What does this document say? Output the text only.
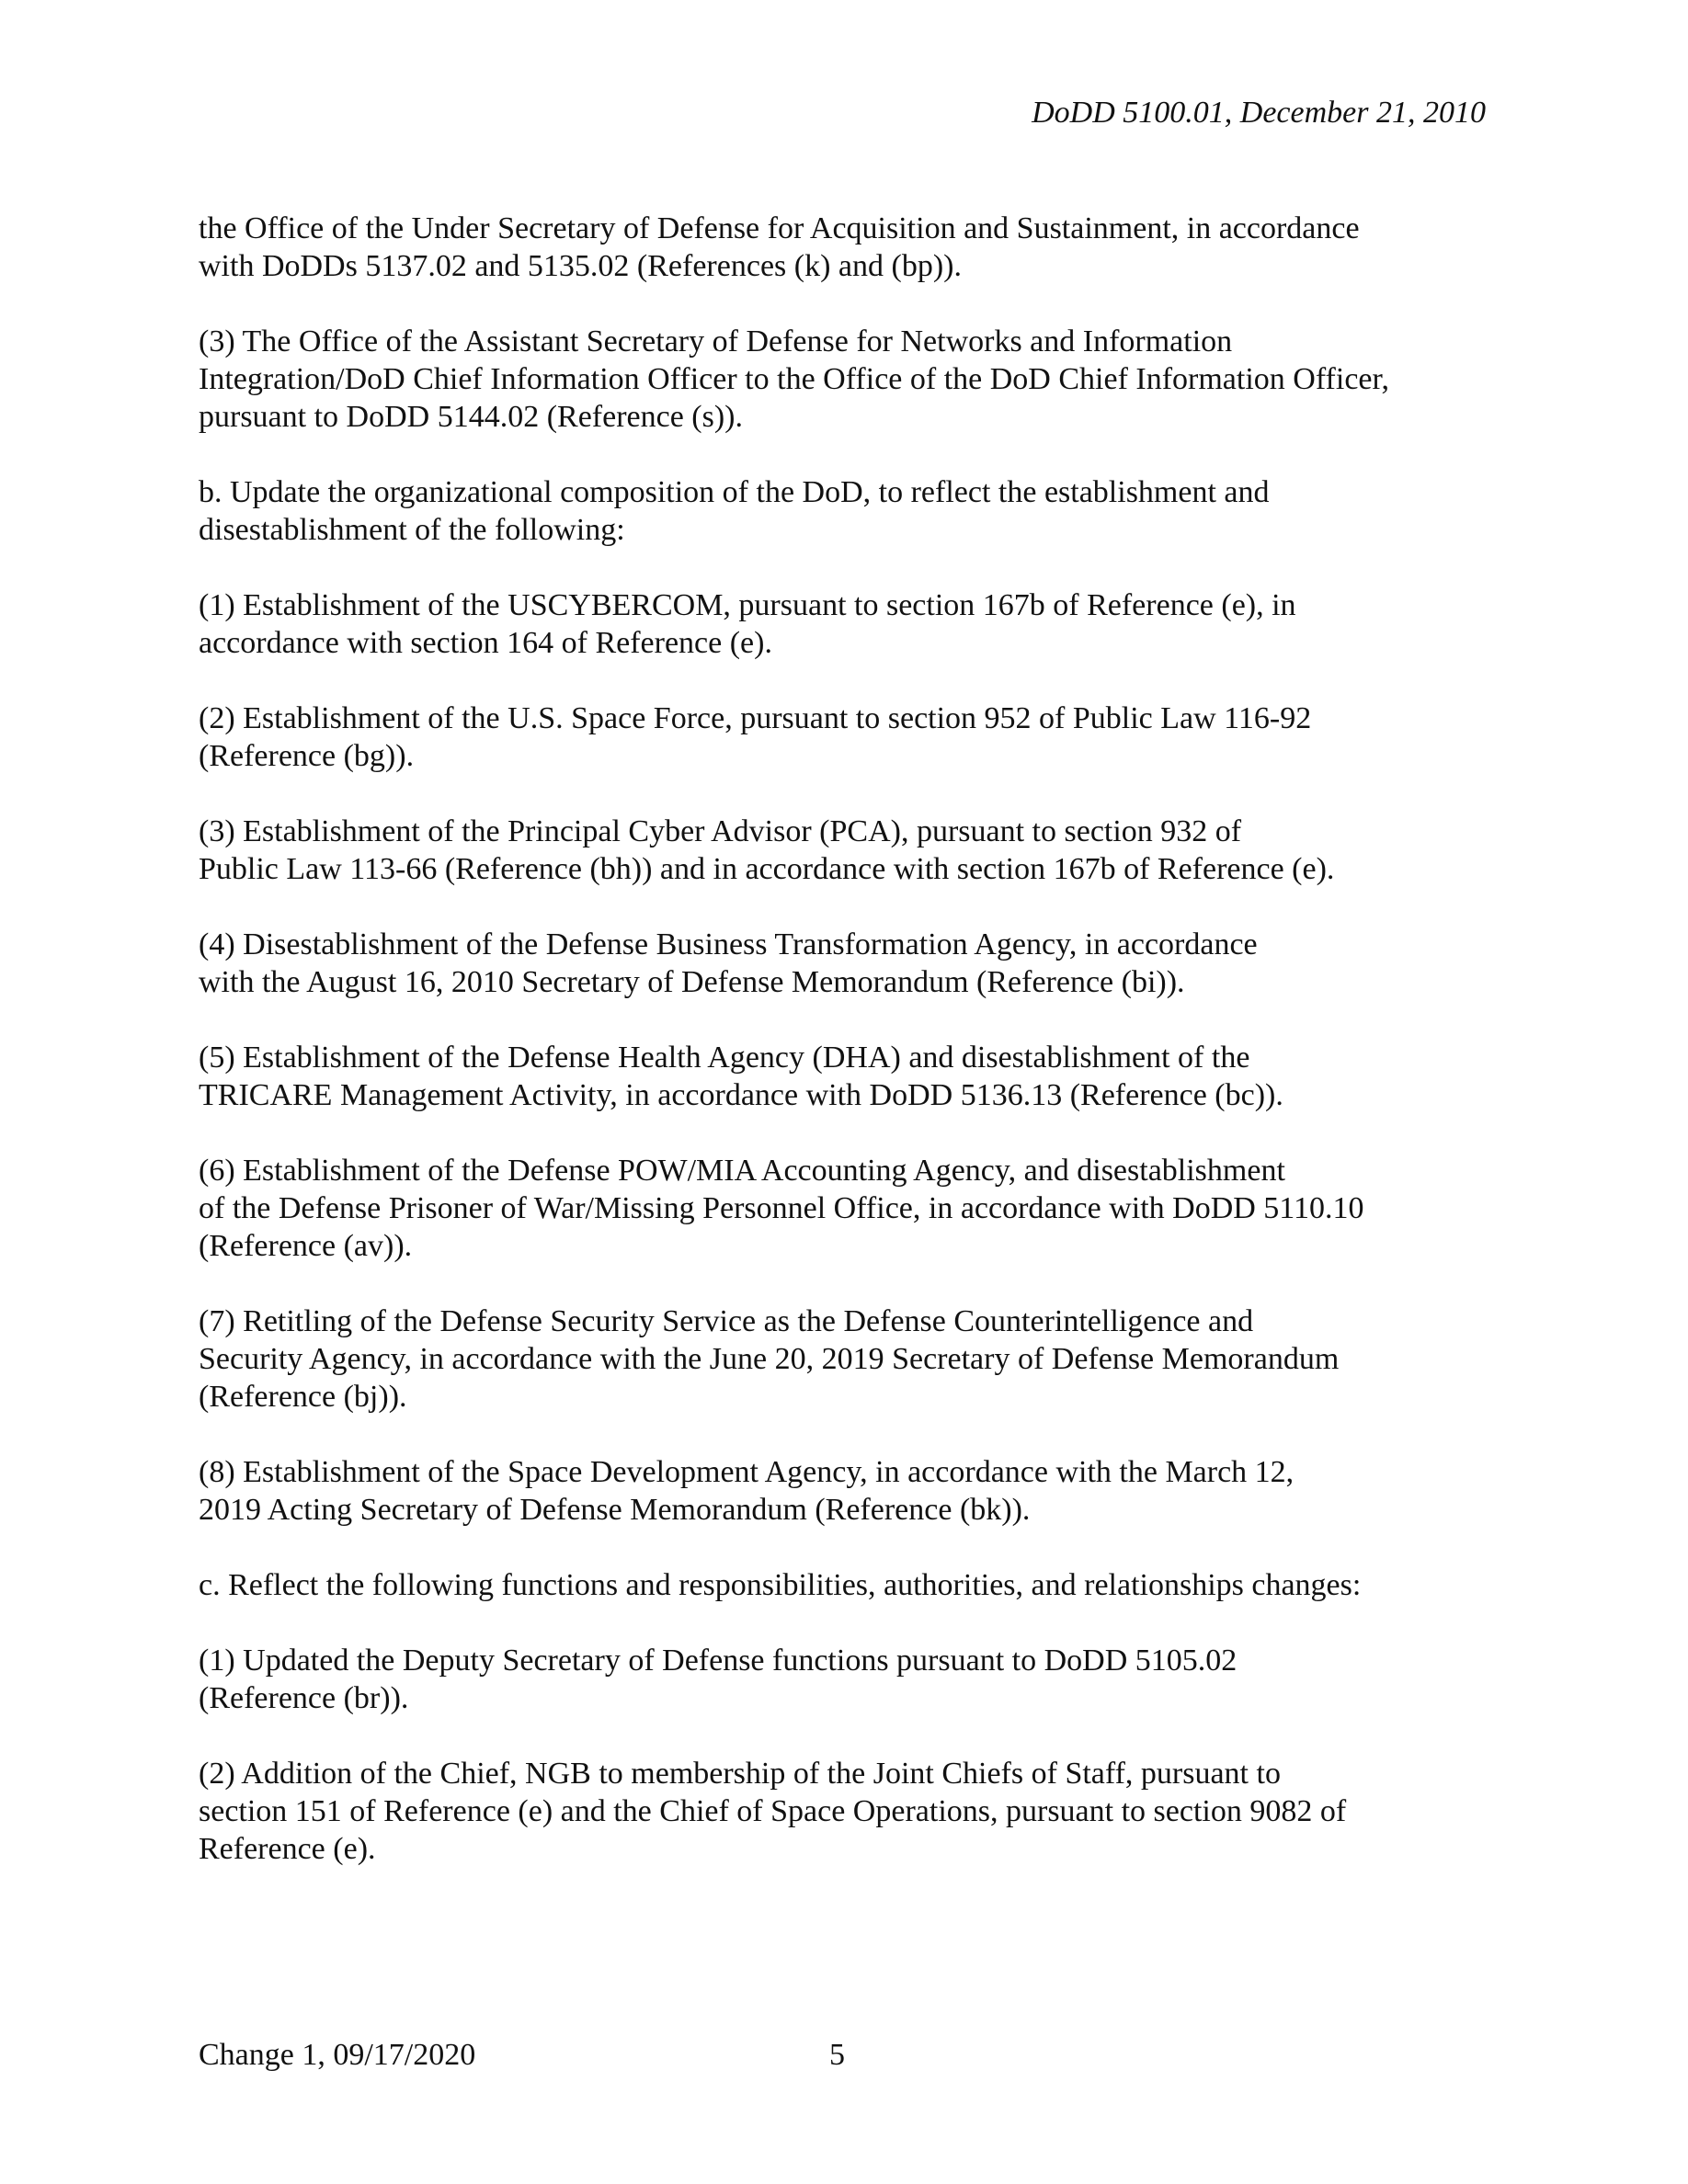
DoDD 5100.01, December 21, 2010

the Office of the Under Secretary of Defense for Acquisition and Sustainment, in accordance
with DoDDs 5137.02 and 5135.02 (References (k) and (bp)).

(3) The Office of the Assistant Secretary of Defense for Networks and Information
Integration/DoD Chief Information Officer to the Office of the DoD Chief Information Officer,
pursuant to DoDD 5144.02 (Reference (s)).

b. Update the organizational composition of the DoD, to reflect the establishment and
disestablishment of the following:

(1) Establishment of the USCYBERCOM, pursuant to section 167b of Reference (e), in
accordance with section 164 of Reference (e).

(2) Establishment of the U.S. Space Force, pursuant to section 952 of Public Law 116-92
(Reference (bg)).

(3) Establishment of the Principal Cyber Advisor (PCA), pursuant to section 932 of
Public Law 113-66 (Reference (bh)) and in accordance with section 167b of Reference (e).

(4) Disestablishment of the Defense Business Transformation Agency, in accordance
with the August 16, 2010 Secretary of Defense Memorandum (Reference (bi)).

(5) Establishment of the Defense Health Agency (DHA) and disestablishment of the
TRICARE Management Activity, in accordance with DoDD 5136.13 (Reference (bc)).

(6) Establishment of the Defense POW/MIA Accounting Agency, and disestablishment
of the Defense Prisoner of War/Missing Personnel Office, in accordance with DoDD 5110.10
(Reference (av)).

(7) Retitling of the Defense Security Service as the Defense Counterintelligence and
Security Agency, in accordance with the June 20, 2019 Secretary of Defense Memorandum
(Reference (bj)).

(8) Establishment of the Space Development Agency, in accordance with the March 12,
2019 Acting Secretary of Defense Memorandum (Reference (bk)).

c. Reflect the following functions and responsibilities, authorities, and relationships changes:

(1) Updated the Deputy Secretary of Defense functions pursuant to DoDD 5105.02
(Reference (br)).

(2) Addition of the Chief, NGB to membership of the Joint Chiefs of Staff, pursuant to
section 151 of Reference (e) and the Chief of Space Operations, pursuant to section 9082 of
Reference (e).

Change 1, 09/17/2020	5
